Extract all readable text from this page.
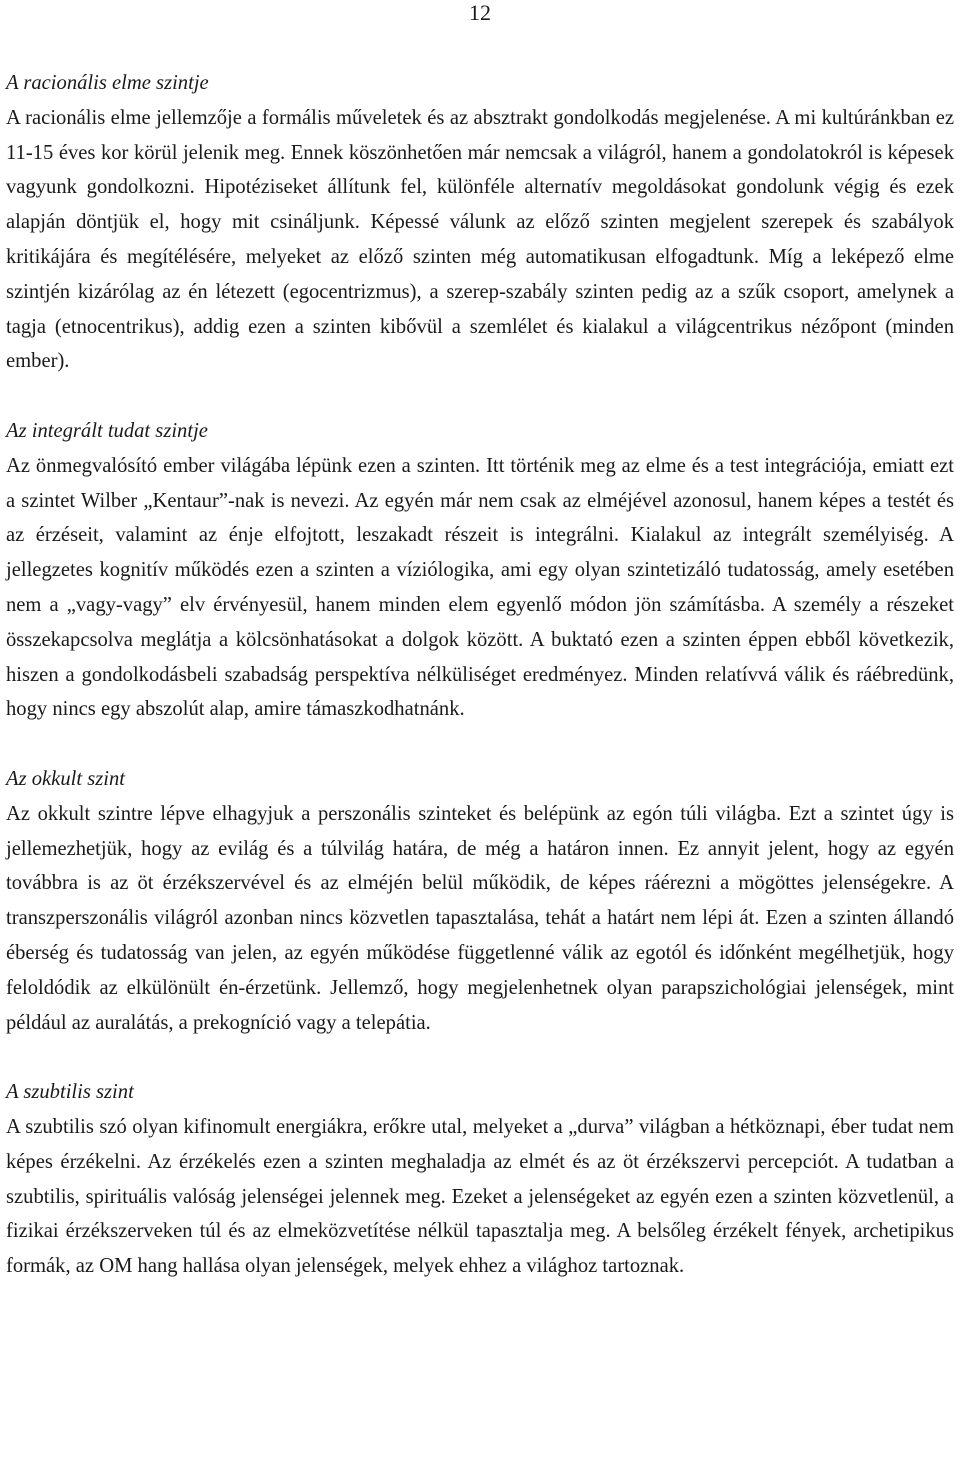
12

A racionális elme szintje

A racionális elme jellemzője a formális műveletek és az absztrakt gondolkodás megjelenése. A mi kultúránkban ez 11-15 éves kor körül jelenik meg. Ennek köszönhetően már nemcsak a világról, hanem a gondolatokról is képesek vagyunk gondolkozni. Hipotéziseket állítunk fel, különféle alternatív megoldásokat gondolunk végig és ezek alapján döntjük el, hogy mit csináljunk. Képessé válunk az előző szinten megjelent szerepek és szabályok kritikájára és megítélésére, melyeket az előző szinten még automatikusan elfogadtunk. Míg a leképező elme szintjén kizárólag az én létezett (egocentrizmus), a szerep-szabály szinten pedig az a szűk csoport, amelynek a tagja (etnocentrikus), addig ezen a szinten kibővül a szemlélet és kialakul a világcentrikus nézőpont (minden ember).

Az integrált tudat szintje

Az önmegvalósító ember világába lépünk ezen a szinten. Itt történik meg az elme és a test integrációja, emiatt ezt a szintet Wilber „Kentaur”-nak is nevezi. Az egyén már nem csak az elméjével azonosul, hanem képes a testét és az érzéseit, valamint az énje elfojtott, leszakadt részeit is integrálni. Kialakul az integrált személyiség. A jellegzetes kognitív működés ezen a szinten a víziólogika, ami egy olyan szintetizáló tudatosság, amely esetében nem a „vagy-vagy” elv érvényesül, hanem minden elem egyenlő módon jön számításba. A személy a részeket összekapcsolva meglátja a kölcsönhatásokat a dolgok között. A buktató ezen a szinten éppen ebből következik, hiszen a gondolkodásbeli szabadság perspektíva nélküliséget eredményez. Minden relatívvá válik és ráébredünk, hogy nincs egy abszolút alap, amire támaszkodhatnánk.

Az okkult szint

Az okkult szintre lépve elhagyjuk a perszonális szinteket és belépünk az egón túli világba. Ezt a szintet úgy is jellemezhetjük, hogy az evilág és a túlvilág határa, de még a határon innen. Ez annyit jelent, hogy az egyén továbbra is az öt érzékszervével és az elméjén belül működik, de képes ráérezni a mögöttes jelenségekre. A transzperszonális világról azonban nincs közvetlen tapasztalása, tehát a határt nem lépi át. Ezen a szinten állandó éberség és tudatosság van jelen, az egyén működése függetlenné válik az egotól és időnként megélhetjük, hogy feloldódik az elkülönült én-érzetünk. Jellemző, hogy megjelenhetnek olyan parapszichológiai jelenségek, mint például az auralátás, a prekogníció vagy a telepátia.

A szubtilis szint

A szubtilis szó olyan kifinomult energiákra, erőkre utal, melyeket a „durva” világban a hétköznapi, éber tudat nem képes érzékelni. Az érzékelés ezen a szinten meghaladja az elmét és az öt érzékszervi percepciót. A tudatban a szubtilis, spirituális valóság jelenségei jelennek meg. Ezeket a jelenségeket az egyén ezen a szinten közvetlenül, a fizikai érzékszerveken túl és az elmeközvetítése nélkül tapasztalja meg. A belsőleg érzékelt fények, archetipikus formák, az OM hang hallása olyan jelenségek, melyek ehhez a világhoz tartoznak.
